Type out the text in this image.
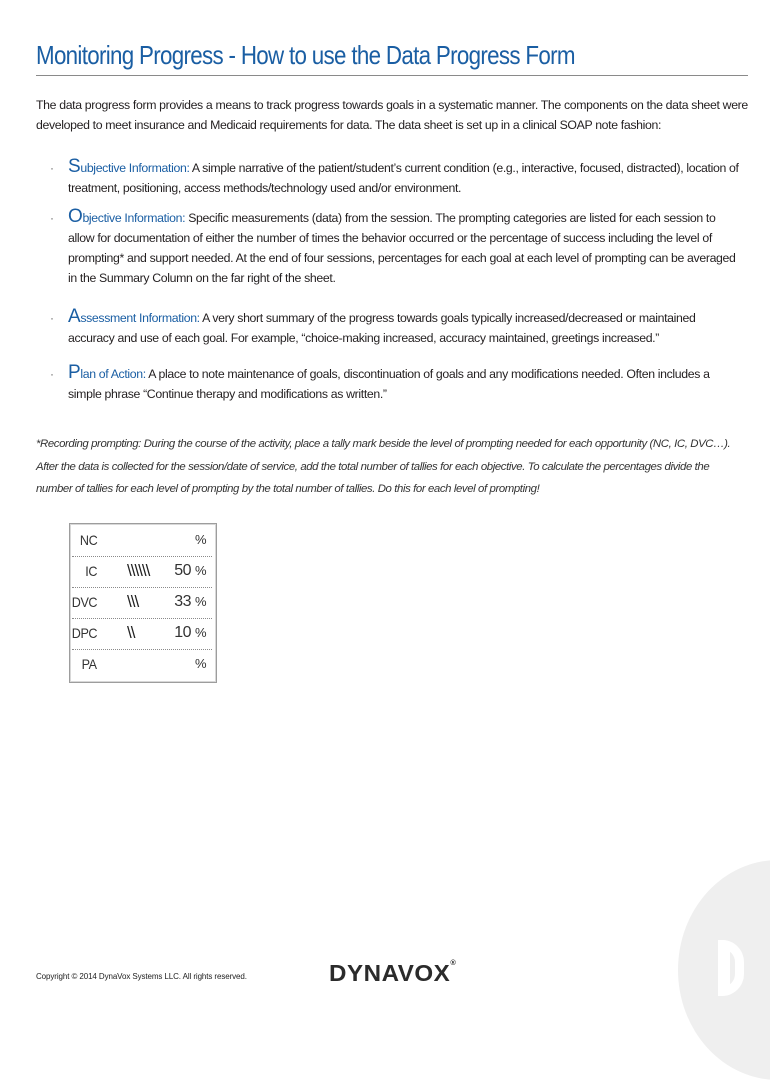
Monitoring Progress - How to use the Data Progress Form
The data progress form provides a means to track progress towards goals in a systematic manner. The components on the data sheet were developed to meet insurance and Medicaid requirements for data. The data sheet is set up in a clinical SOAP note fashion:
· Subjective Information: A simple narrative of the patient/student’s current condition (e.g., interactive, focused, distracted), location of treatment, positioning, access methods/technology used and/or environment.
· Objective Information: Specific measurements (data) from the session. The prompting categories are listed for each session to allow for documentation of either the number of times the behavior occurred or the percentage of success including the level of prompting* and support needed. At the end of four sessions, percentages for each goal at each level of prompting can be averaged in the Summary Column on the far right of the sheet.
· Assessment Information: A very short summary of the progress towards goals typically increased/decreased or maintained accuracy and use of each goal. For example, “choice-making increased, accuracy maintained, greetings increased.”
· Plan of Action: A place to note maintenance of goals, discontinuation of goals and any modifications needed. Often includes a simple phrase “Continue therapy and modifications as written.”
*Recording prompting: During the course of the activity, place a tally mark beside the level of prompting needed for each opportunity (NC, IC, DVC…). After the data is collected for the session/date of service, add the total number of tallies for each objective. To calculate the percentages divide the number of tallies for each level of prompting by the total number of tallies. Do this for each level of prompting!
NC	%
IC \\\\\\ 50 %
DVC \\\ 33 %
DPC \\ 10 %
PA	%
Copyright © 2014 DynaVox Systems LLC. All rights reserved.	DYNAVOX®
